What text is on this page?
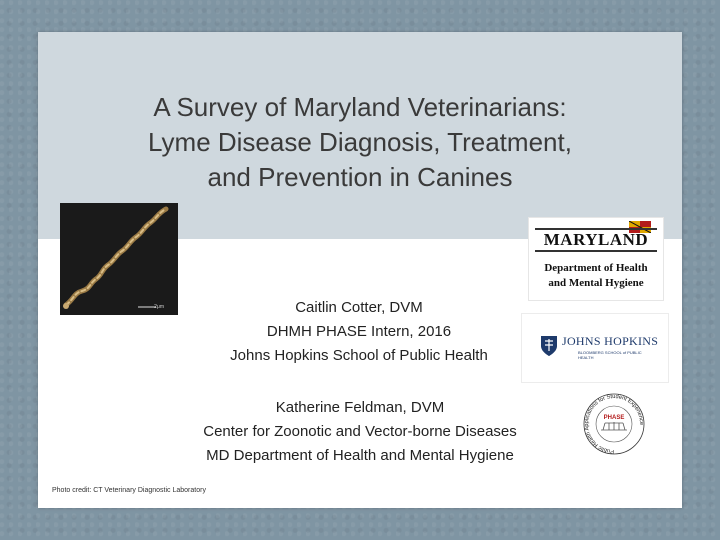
A Survey of Maryland Veterinarians:
Lyme Disease Diagnosis, Treatment,
and Prevention in Canines
2μm
MARYLAND
Department of Health
and Mental Hygiene
JOHNS HOPKINS
BLOOMBERG SCHOOL of PUBLIC HEALTH
Public Health Applications for Student Experience
PHASE
Caitlin Cotter, DVM
DHMH PHASE Intern, 2016
Johns Hopkins School of Public Health
Katherine Feldman, DVM
Center for Zoonotic and Vector-borne Diseases
MD Department of Health and Mental Hygiene
Photo credit: CT Veterinary Diagnostic Laboratory
